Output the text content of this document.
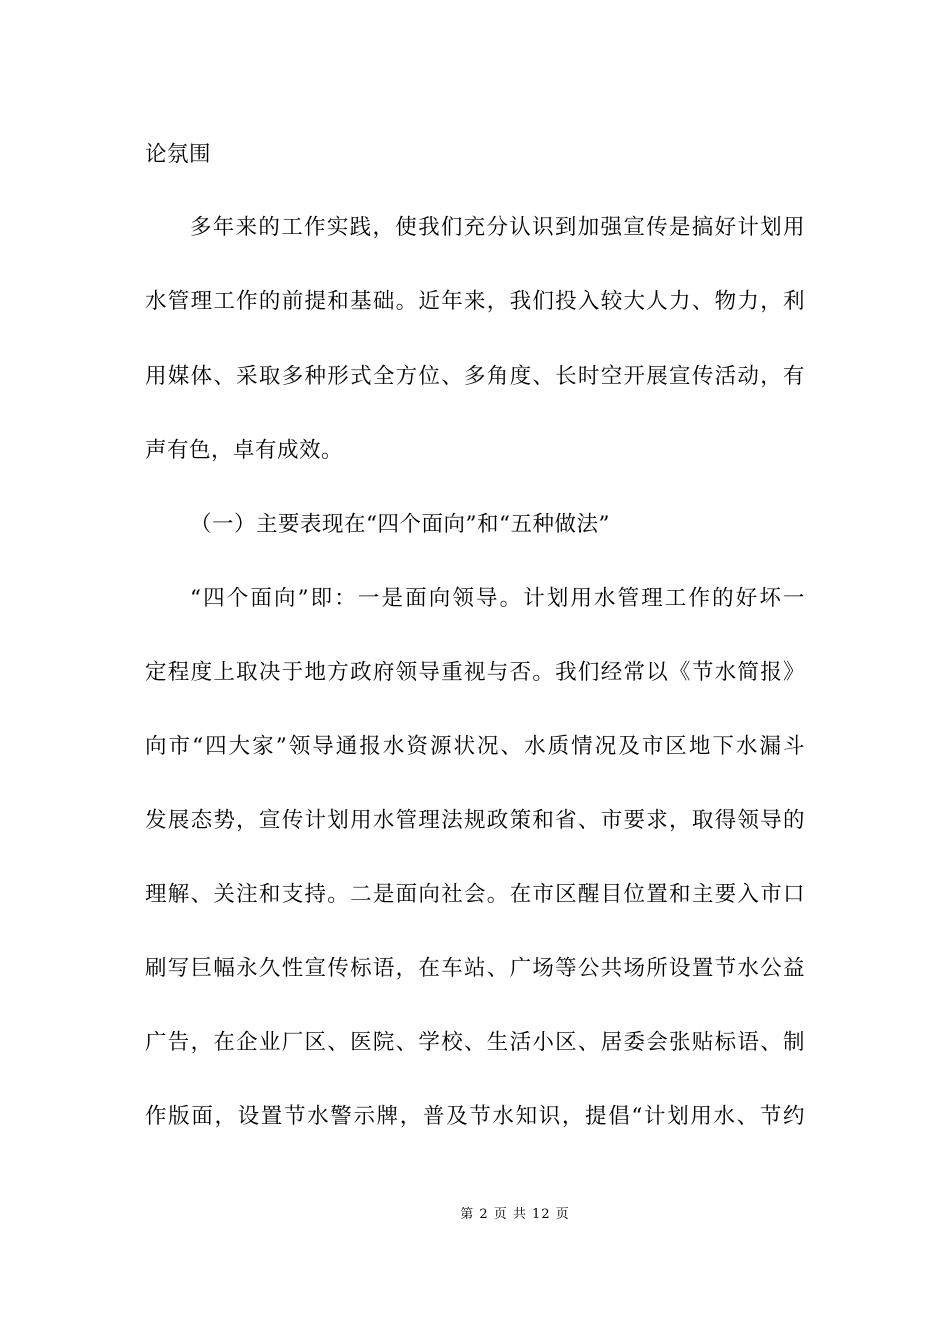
论氛围
多年来的工作实践，使我们充分认识到加强宣传是搞好计划用
水管理工作的前提和基础。近年来，我们投入较大人力、物力，利
用媒体、采取多种形式全方位、多角度、长时空开展宣传活动，有
声有色，卓有成效。
（一）主要表现在“四个面向”和“五种做法”
“四个面向”即：一是面向领导。计划用水管理工作的好坏一
定程度上取决于地方政府领导重视与否。我们经常以《节水简报》
向市“四大家”领导通报水资源状况、水质情况及市区地下水漏斗
发展态势，宣传计划用水管理法规政策和省、市要求，取得领导的
理解、关注和支持。二是面向社会。在市区醒目位置和主要入市口
刷写巨幅永久性宣传标语，在车站、广场等公共场所设置节水公益
广告，在企业厂区、医院、学校、生活小区、居委会张贴标语、制
作版面，设置节水警示牌，普及节水知识，提倡“计划用水、节约
第 2 页 共 12 页
